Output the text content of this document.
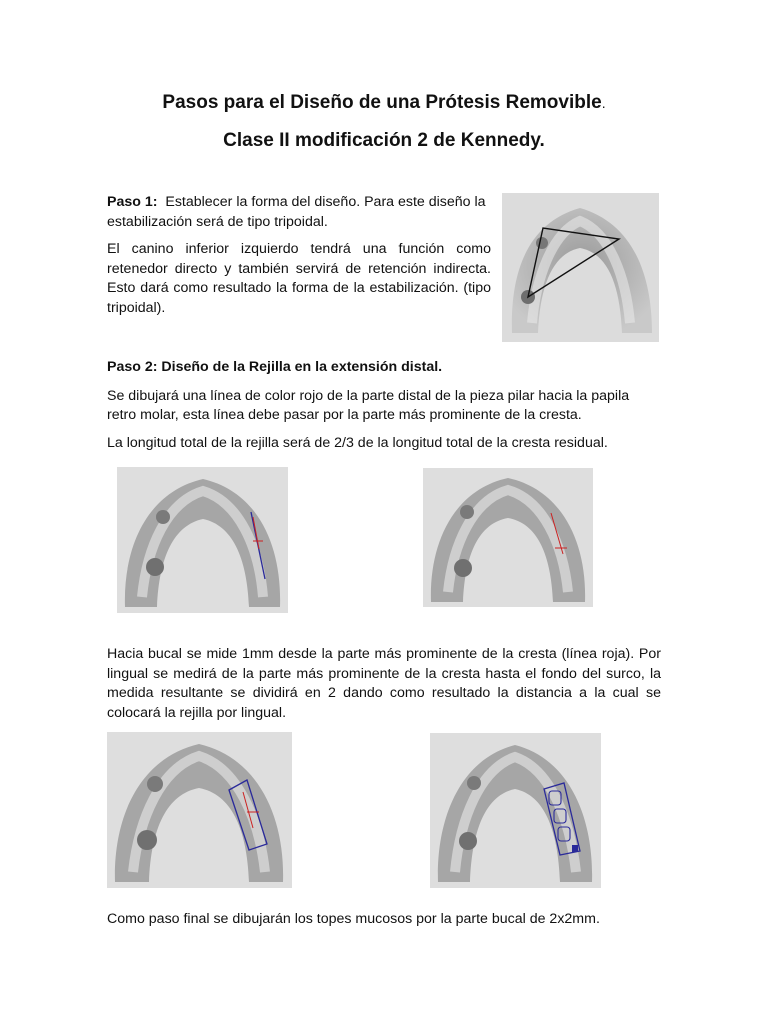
Pasos para el Diseño de una Prótesis Removible.
Clase II modificación 2 de Kennedy.

Paso 1: Establecer la forma del diseño. Para este diseño la estabilización será de tipo tripoidal.

El canino inferior izquierdo tendrá una función como retenedor directo y también servirá de retención indirecta. Esto dará como resultado la forma de la estabilización. (tipo tripoidal).

Paso 2: Diseño de la Rejilla en la extensión distal.

Se dibujará una línea de color rojo de la parte distal de la pieza pilar hacia la papila retro molar, esta línea debe pasar por la parte más prominente de la cresta.

La longitud total de la rejilla será de 2/3 de la longitud total de la cresta residual.

Hacia bucal se mide 1mm desde la parte más prominente de la cresta (línea roja). Por lingual se medirá de la parte más prominente de la cresta hasta el fondo del surco, la medida resultante se dividirá en 2 dando como resultado la distancia a la cual se colocará la rejilla por lingual.

Como paso final se dibujarán los topes mucosos por la parte bucal de 2x2mm.
